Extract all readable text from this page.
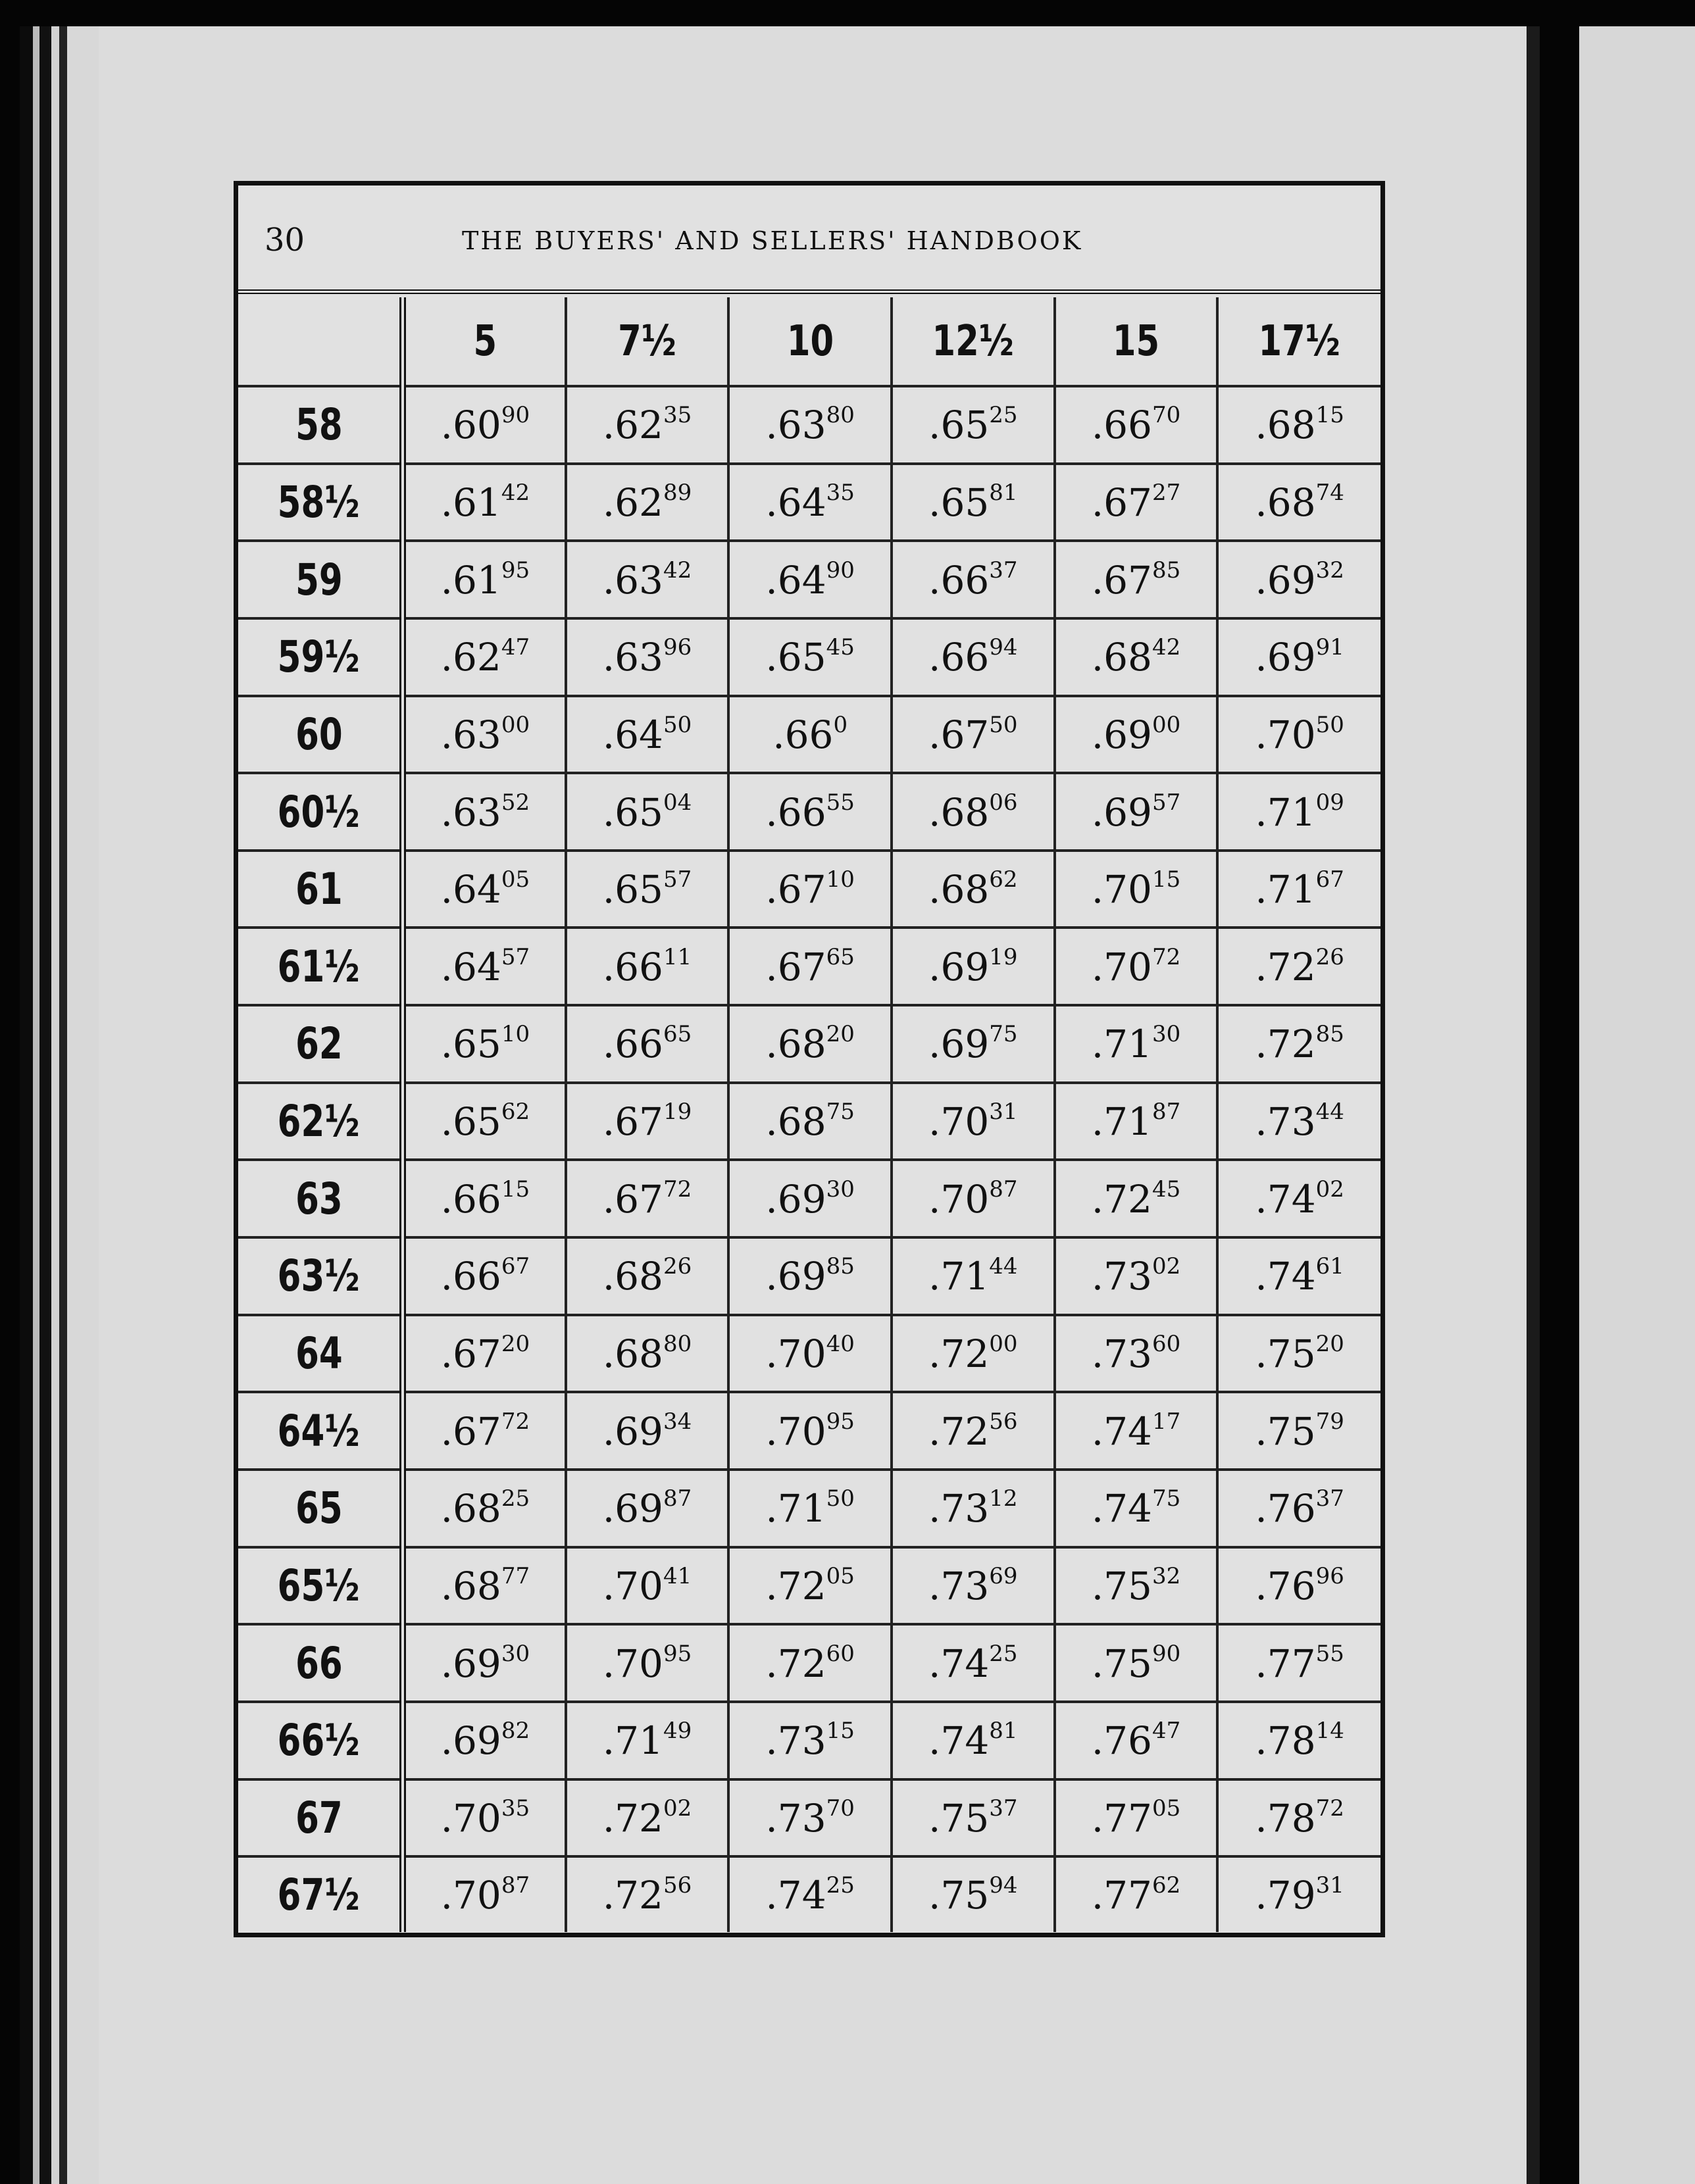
30	THE BUYERS' AND SELLERS' HANDBOOK
	5	7½	10	12½	15	17½
58	$.60^{90}$	$.62^{35}$	$.63^{80}$	$.65^{25}$	$.66^{70}$	$.68^{15}$
58½	$.61^{42}$	$.62^{89}$	$.64^{35}$	$.65^{81}$	$.67^{27}$	$.68^{74}$
59	$.61^{95}$	$.63^{42}$	$.64^{90}$	$.66^{37}$	$.67^{85}$	$.69^{32}$
59½	$.62^{47}$	$.63^{96}$	$.65^{45}$	$.66^{94}$	$.68^{42}$	$.69^{91}$
60	$.63^{00}$	$.64^{50}$	$.66^0$	$.67^{50}$	$.69^{00}$	$.70^{50}$
60½	$.63^{52}$	$.65^{04}$	$.66^{55}$	$.68^{06}$	$.69^{57}$	$.71^{09}$
61	$.64^{05}$	$.65^{57}$	$.67^{10}$	$.68^{62}$	$.70^{15}$	$.71^{67}$
61½	$.64^{57}$	$.66^{11}$	$.67^{65}$	$.69^{19}$	$.70^{72}$	$.72^{26}$
62	$.65^{10}$	$.66^{65}$	$.68^{20}$	$.69^{75}$	$.71^{30}$	$.72^{85}$
62½	$.65^{62}$	$.67^{19}$	$.68^{75}$	$.70^{31}$	$.71^{87}$	$.73^{44}$
63	$.66^{15}$	$.67^{72}$	$.69^{30}$	$.70^{87}$	$.72^{45}$	$.74^{02}$
63½	$.66^{67}$	$.68^{26}$	$.69^{85}$	$.71^{44}$	$.73^{02}$	$.74^{61}$
64	$.67^{20}$	$.68^{80}$	$.70^{40}$	$.72^{00}$	$.73^{60}$	$.75^{20}$
64½	$.67^{72}$	$.69^{34}$	$.70^{95}$	$.72^{56}$	$.74^{17}$	$.75^{79}$
65	$.68^{25}$	$.69^{87}$	$.71^{50}$	$.73^{12}$	$.74^{75}$	$.76^{37}$
65½	$.68^{77}$	$.70^{41}$	$.72^{05}$	$.73^{69}$	$.75^{32}$	$.76^{96}$
66	$.69^{30}$	$.70^{95}$	$.72^{60}$	$.74^{25}$	$.75^{90}$	$.77^{55}$
66½	$.69^{82}$	$.71^{49}$	$.73^{15}$	$.74^{81}$	$.76^{47}$	$.78^{14}$
67	$.70^{35}$	$.72^{02}$	$.73^{70}$	$.75^{37}$	$.77^{05}$	$.78^{72}$
67½	$.70^{87}$	$.72^{56}$	$.74^{25}$	$.75^{94}$	$.77^{62}$	$.79^{31}$
